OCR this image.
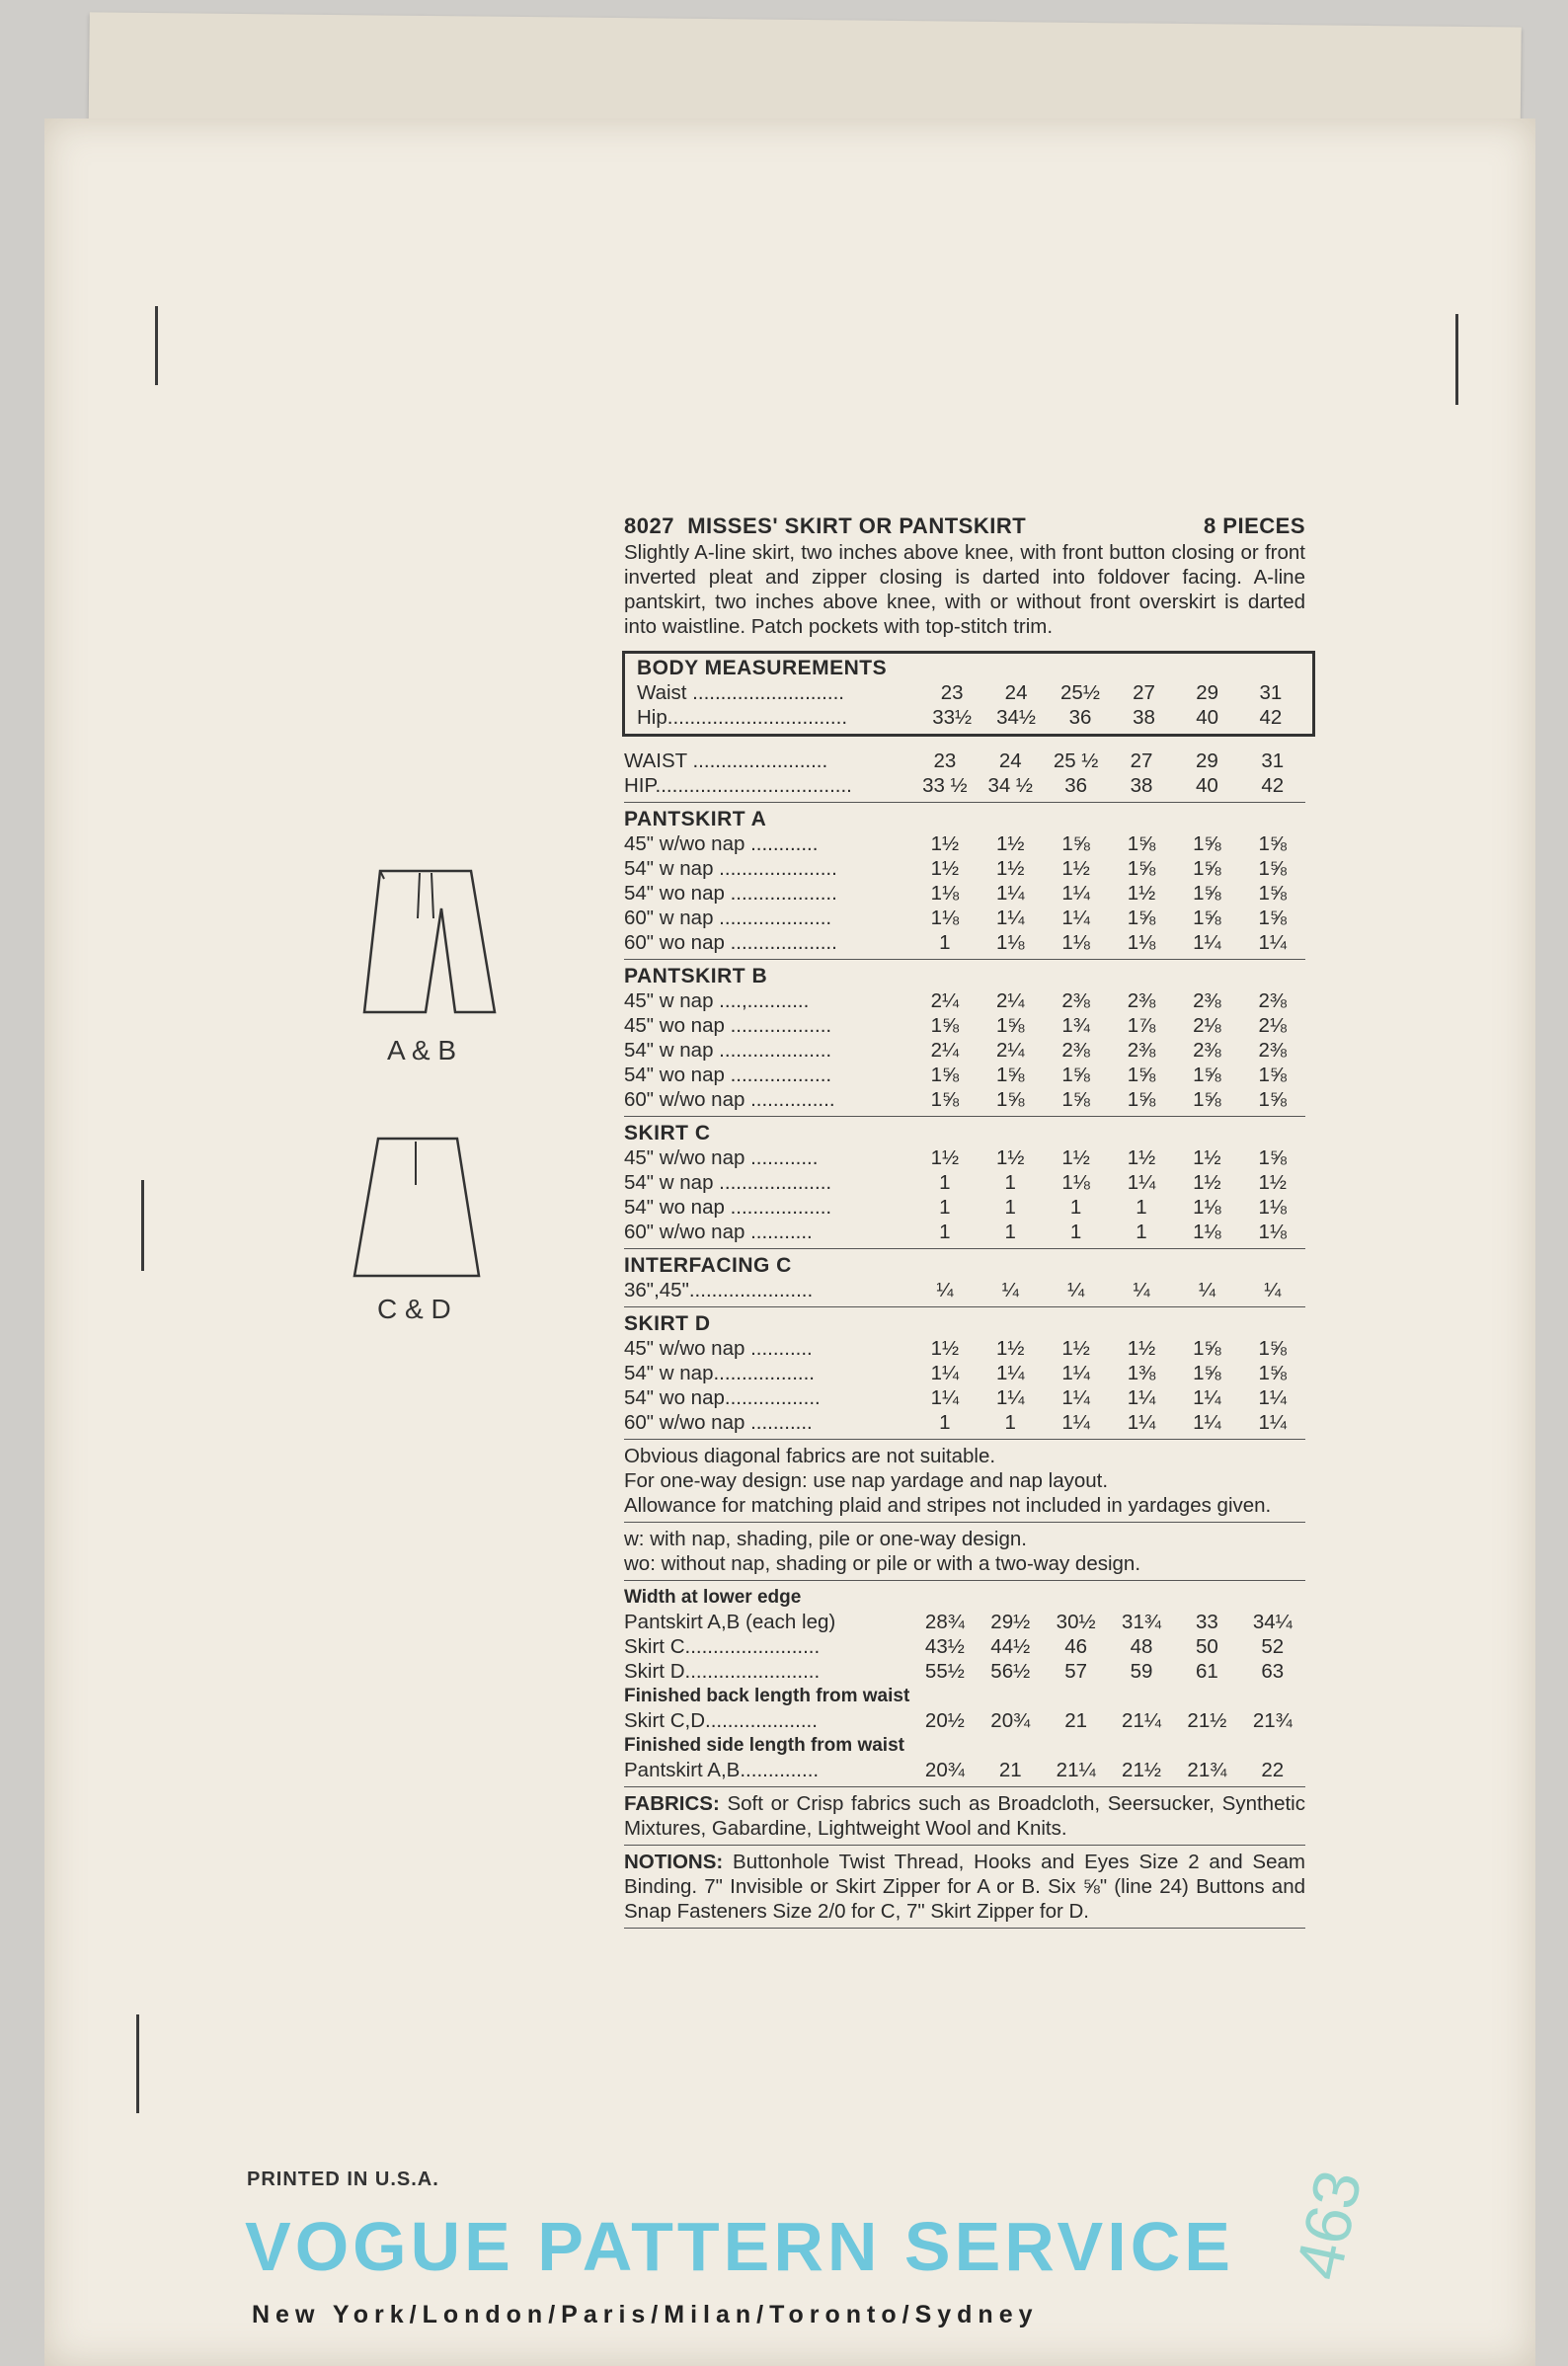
A & B
C & D
8027 MISSES' SKIRT OR PANTSKIRT	8 PIECES
Slightly A-line skirt, two inches above knee, with front button closing or front inverted pleat and zipper closing is darted into foldover facing. A-line pantskirt, two inches above knee, with or without front overskirt is darted into waistline. Patch pockets with top-stitch trim.
BODY MEASUREMENTS
Waist ...........................	23	24	25½	27	29	31
Hip................................	33½	34½	36	38	40	42
WAIST ........................	23	24	25 ½	27	29	31
HIP...................................	33 ½	34 ½	36	38	40	42
PANTSKIRT A
45" w/wo nap ............	1½	1½	1⅝	1⅝	1⅝	1⅝
54" w nap .....................	1½	1½	1½	1⅝	1⅝	1⅝
54" wo nap ...................	1⅛	1¼	1¼	1½	1⅝	1⅝
60" w nap ....................	1⅛	1¼	1¼	1⅝	1⅝	1⅝
60" wo nap ...................	1	1⅛	1⅛	1⅛	1¼	1¼
PANTSKIRT B
45" w nap ....,...........	2¼	2¼	2⅜	2⅜	2⅜	2⅜
45" wo nap ..................	1⅝	1⅝	1¾	1⅞	2⅛	2⅛
54" w nap ....................	2¼	2¼	2⅜	2⅜	2⅜	2⅜
54" wo nap ..................	1⅝	1⅝	1⅝	1⅝	1⅝	1⅝
60" w/wo nap ...............	1⅝	1⅝	1⅝	1⅝	1⅝	1⅝
SKIRT C
45" w/wo nap ............	1½	1½	1½	1½	1½	1⅝
54" w nap ....................	1	1	1⅛	1¼	1½	1½
54" wo nap ..................	1	1	1	1	1⅛	1⅛
60" w/wo nap ...........	1	1	1	1	1⅛	1⅛
INTERFACING C
36",45"......................	¼	¼	¼	¼	¼	¼
SKIRT D
45" w/wo nap ...........	1½	1½	1½	1½	1⅝	1⅝
54" w nap..................	1¼	1¼	1¼	1⅜	1⅝	1⅝
54" wo nap.................	1¼	1¼	1¼	1¼	1¼	1¼
60" w/wo nap ...........	1	1	1¼	1¼	1¼	1¼
Obvious diagonal fabrics are not suitable.
For one-way design: use nap yardage and nap layout.
Allowance for matching plaid and stripes not included in yardages given.
w: with nap, shading, pile or one-way design.
wo: without nap, shading or pile or with a two-way design.
Width at lower edge
Pantskirt A,B (each leg)	28¾	29½	30½	31¾	33	34¼
Skirt C........................	43½	44½	46	48	50	52
Skirt D........................	55½	56½	57	59	61	63
Finished back length from waist
Skirt C,D....................	20½	20¾	21	21¼	21½	21¾
Finished side length from waist
Pantskirt A,B..............	20¾	21	21¼	21½	21¾	22
FABRICS: Soft or Crisp fabrics such as Broadcloth, Seersucker, Synthetic Mixtures, Gabardine, Lightweight Wool and Knits.
NOTIONS: Buttonhole Twist Thread, Hooks and Eyes Size 2 and Seam Binding. 7" Invisible or Skirt Zipper for A or B. Six ⅝" (line 24) Buttons and Snap Fasteners Size 2/0 for C, 7" Skirt Zipper for D.
PRINTED IN U.S.A.
VOGUE PATTERN SERVICE
New York/London/Paris/Milan/Toronto/Sydney
463
